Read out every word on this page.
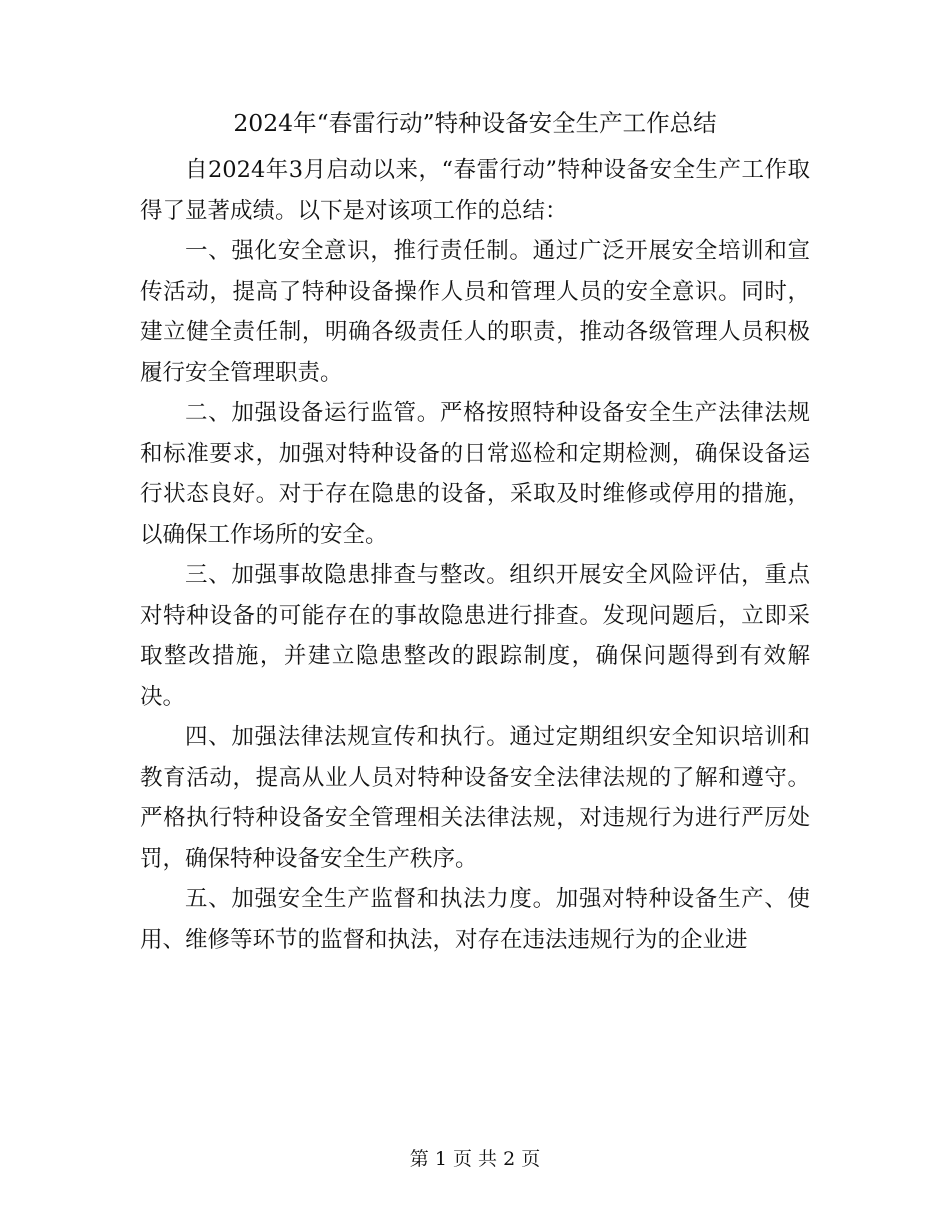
2024年“春雷行动”特种设备安全生产工作总结

自2024年3月启动以来，“春雷行动”特种设备安全生产工作取得了显著成绩。以下是对该项工作的总结：

一、强化安全意识，推行责任制。通过广泛开展安全培训和宣传活动，提高了特种设备操作人员和管理人员的安全意识。同时，建立健全责任制，明确各级责任人的职责，推动各级管理人员积极履行安全管理职责。

二、加强设备运行监管。严格按照特种设备安全生产法律法规和标准要求，加强对特种设备的日常巡检和定期检测，确保设备运行状态良好。对于存在隐患的设备，采取及时维修或停用的措施，以确保工作场所的安全。

三、加强事故隐患排查与整改。组织开展安全风险评估，重点对特种设备的可能存在的事故隐患进行排查。发现问题后，立即采取整改措施，并建立隐患整改的跟踪制度，确保问题得到有效解决。

四、加强法律法规宣传和执行。通过定期组织安全知识培训和教育活动，提高从业人员对特种设备安全法律法规的了解和遵守。严格执行特种设备安全管理相关法律法规，对违规行为进行严厉处罚，确保特种设备安全生产秩序。

五、加强安全生产监督和执法力度。加强对特种设备生产、使用、维修等环节的监督和执法，对存在违法违规行为的企业进

第 1 页 共 2 页
